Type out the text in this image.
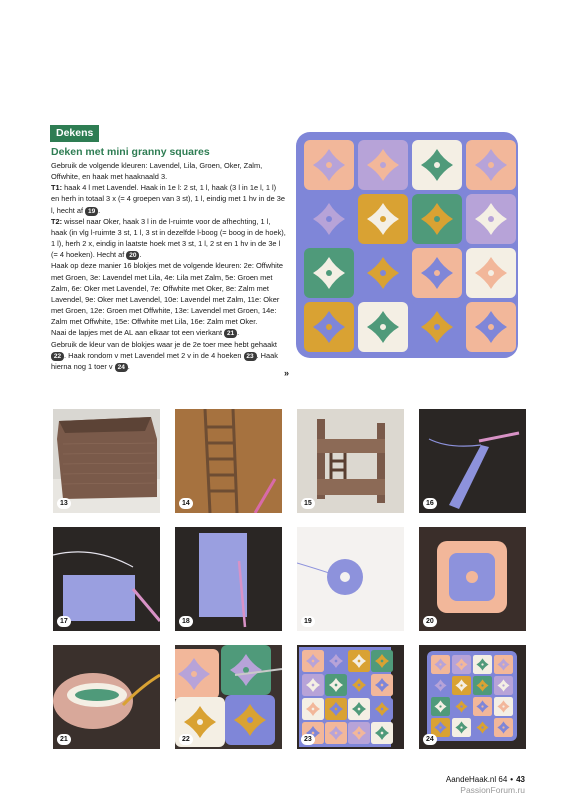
Dekens
Deken met mini granny squares

Gebruik de volgende kleuren: Lavendel, Lila, Groen, Oker, Zalm, Offwhite, en haak met haaknaald 3.
T1: haak 4 l met Lavendel. Haak in 1e l: 2 st, 1 l, haak (3 l in 1e l, 1 l) en herh in totaal 3 x (= 4 groepen van 3 st), 1 l, eindig met 1 hv in de 3e l, hecht af 19 .
T2: wissel naar Oker, haak 3 l in de l-ruimte voor de afhechting, 1 l, haak (in vlg l-ruimte 3 st, 1 l, 3 st in dezelfde l-boog (= boog in de hoek), 1 l), herh 2 x, eindig in laatste hoek met 3 st, 1 l, 2 st en 1 hv in de 3e l (= 4 hoeken). Hecht af 20 .
Haak op deze manier 16 blokjes met de volgende kleuren: 2e: Offwhite met Groen, 3e: Lavendel met Lila, 4e: Lila met Zalm, 5e: Groen met Zalm, 6e: Oker met Lavendel, 7e: Offwhite met Oker, 8e: Zalm met Lavendel, 9e: Oker met Lavendel, 10e: Lavendel met Zalm, 11e: Oker met Groen, 12e: Groen met Offwhite, 13e: Lavendel met Groen, 14e: Zalm met Offwhite, 15e: Offwhite met Lila, 16e: Zalm met Oker.
Naai de lapjes met de AL aan elkaar tot een vierkant 21 .
Gebruik de kleur van de blokjes waar je de 2e toer mee hebt gehaakt 22 . Haak rondom v met Lavendel met 2 v in de 4 hoeken 23 . Haak hierna nog 1 toer v 24 .

»
13	14	15	16
17	18	19	20
21	22	23	24
AandeHaak.nl 64 • 43
PassionForum.ru
